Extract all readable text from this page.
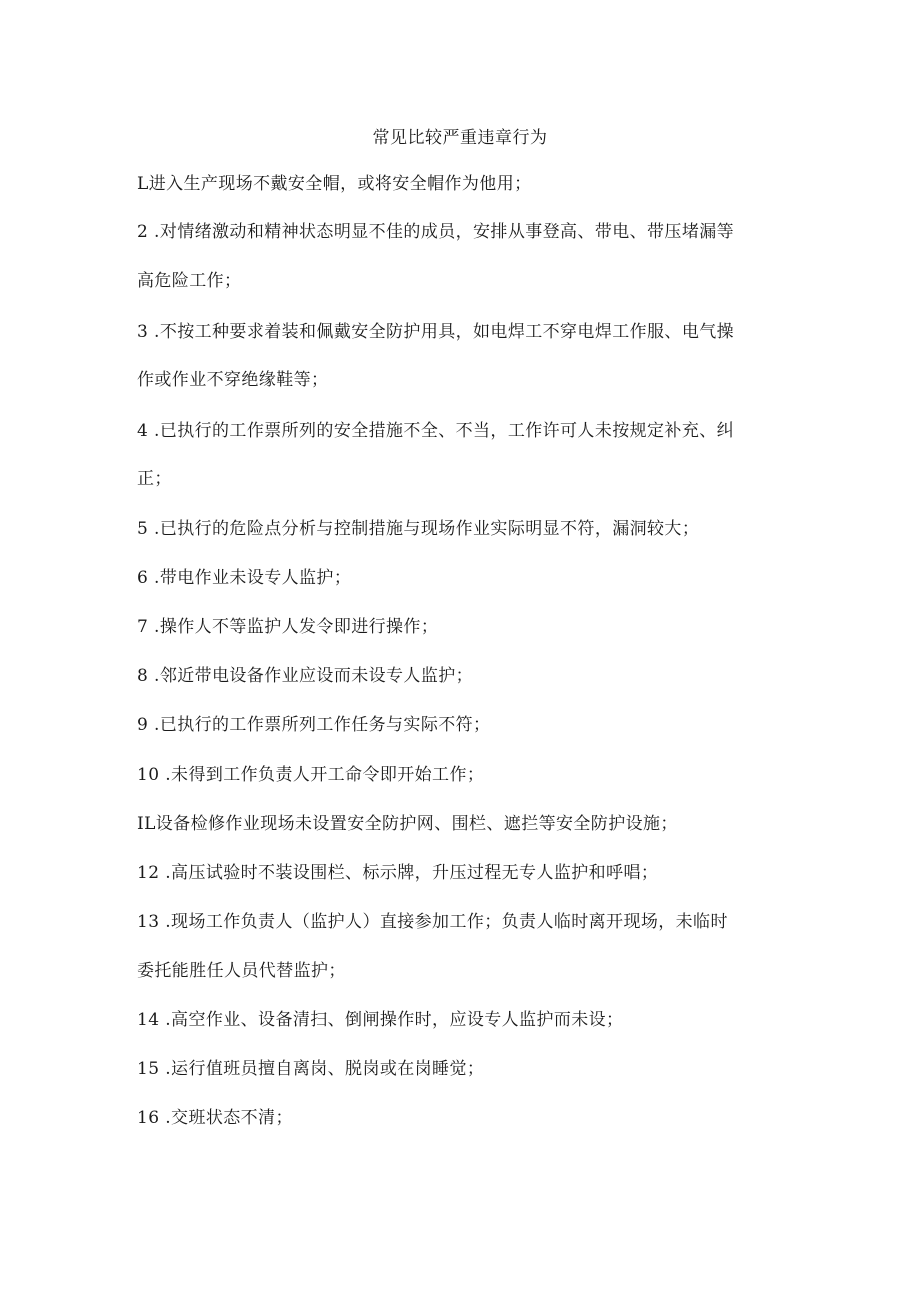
常见比较严重违章行为
L进入生产现场不戴安全帽，或将安全帽作为他用；
2 .对情绪激动和精神状态明显不佳的成员，安排从事登高、带电、带压堵漏等
高危险工作；
3 .不按工种要求着装和佩戴安全防护用具，如电焊工不穿电焊工作服、电气操
作或作业不穿绝缘鞋等；
4 .已执行的工作票所列的安全措施不全、不当，工作许可人未按规定补充、纠
正；
5 .已执行的危险点分析与控制措施与现场作业实际明显不符，漏洞较大；
6 .带电作业未设专人监护；
7 .操作人不等监护人发令即进行操作；
8 .邻近带电设备作业应设而未设专人监护；
9 .已执行的工作票所列工作任务与实际不符；
10 .未得到工作负责人开工命令即开始工作；
IL设备检修作业现场未设置安全防护网、围栏、遮拦等安全防护设施；
12 .高压试验时不装设围栏、标示牌，升压过程无专人监护和呼唱；
13 .现场工作负责人（监护人）直接参加工作；负责人临时离开现场，未临时
委托能胜任人员代替监护；
14 .高空作业、设备清扫、倒闸操作时，应设专人监护而未设；
15 .运行值班员擅自离岗、脱岗或在岗睡觉；
16 .交班状态不清；
